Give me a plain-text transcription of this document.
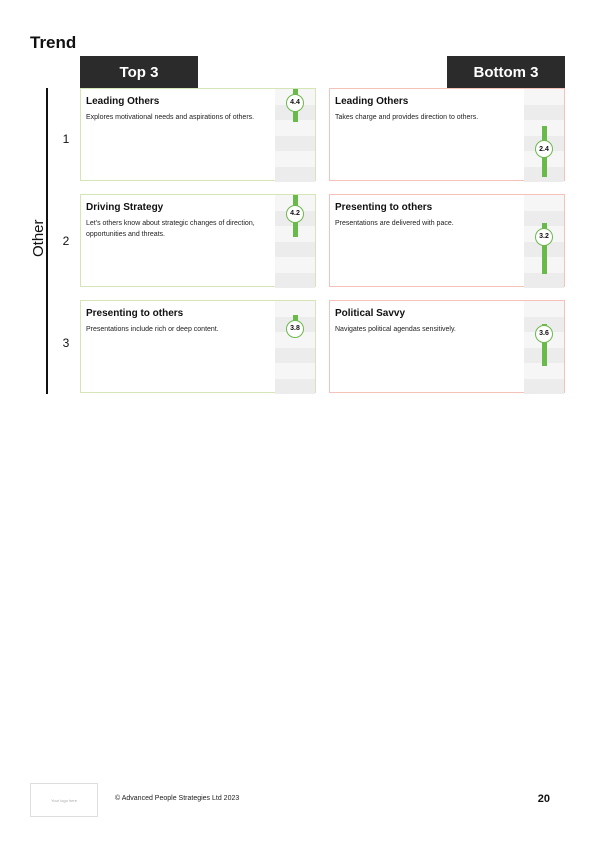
Trend
Top 3	Bottom 3
Other
1
2
3
Leading Others
Explores motivational needs and aspirations of others.
4.4
Driving Strategy
Let's others know about strategic changes of direction, opportunities and threats.
4.2
Presenting to others
Presentations include rich or deep content.	3.8
Leading Others
Takes charge and provides direction to others.
2.4
Presenting to others
Presentations are delivered with pace.
3.2
Political Savvy
Navigates political agendas sensitively.
3.6
Your logo here	© Advanced People Strategies Ltd 2023	20
